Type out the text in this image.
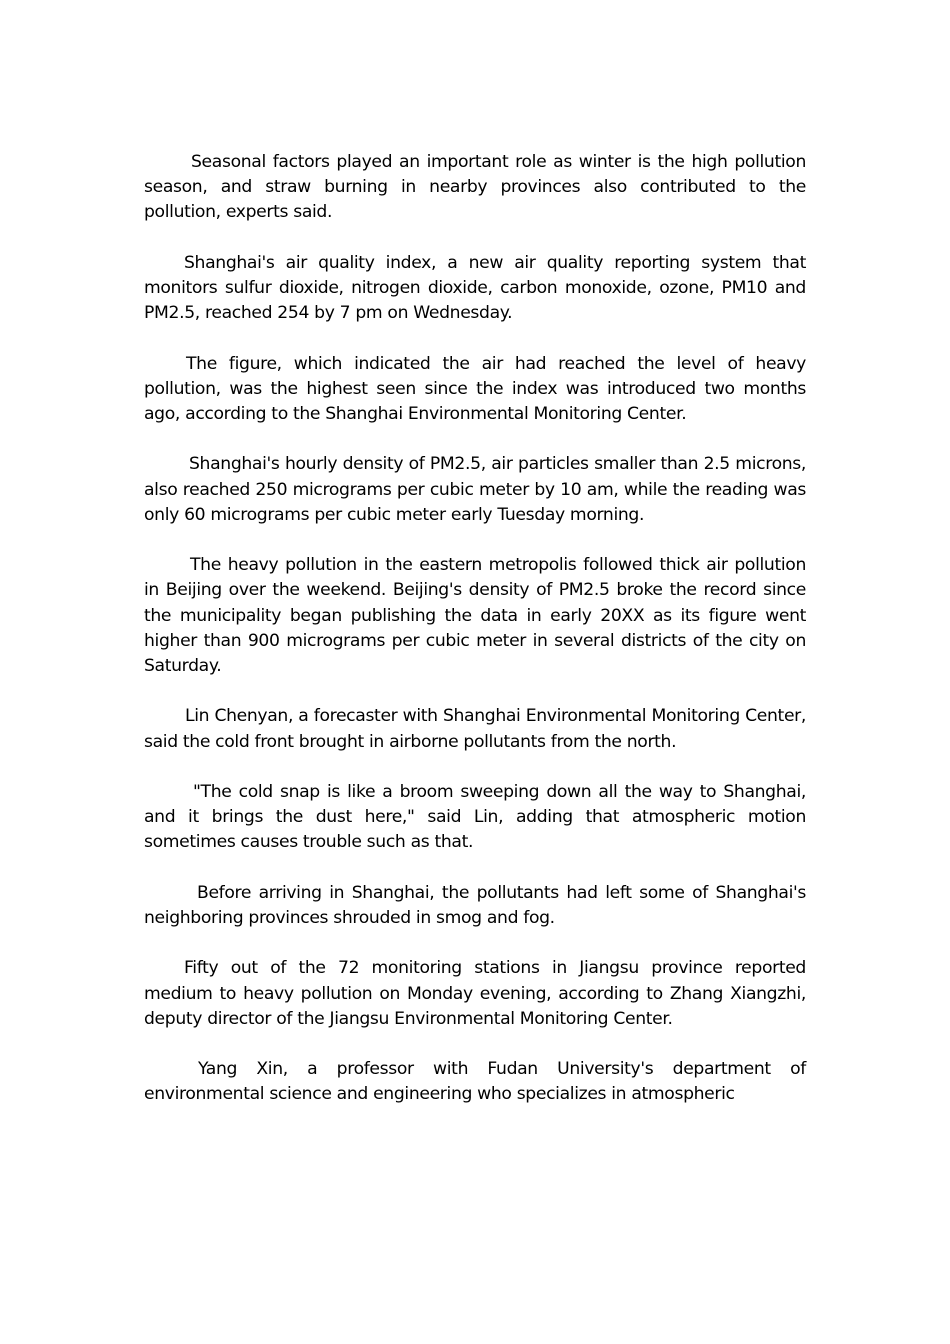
Seasonal factors played an important role as winter is the high pollution season, and straw burning in nearby provinces also contributed to the pollution, experts said.

Shanghai's air quality index, a new air quality reporting system that monitors sulfur dioxide, nitrogen dioxide, carbon monoxide, ozone, PM10 and PM2.5, reached 254 by 7 pm on Wednesday.

The figure, which indicated the air had reached the level of heavy pollution, was the highest seen since the index was introduced two months ago, according to the Shanghai Environmental Monitoring Center.

Shanghai's hourly density of PM2.5, air particles smaller than 2.5 microns, also reached 250 micrograms per cubic meter by 10 am, while the reading was only 60 micrograms per cubic meter early Tuesday morning.

The heavy pollution in the eastern metropolis followed thick air pollution in Beijing over the weekend. Beijing's density of PM2.5 broke the record since the municipality began publishing the data in early 20XX as its figure went higher than 900 micrograms per cubic meter in several districts of the city on Saturday.

Lin Chenyan, a forecaster with Shanghai Environmental Monitoring Center, said the cold front brought in airborne pollutants from the north.

"The cold snap is like a broom sweeping down all the way to Shanghai, and it brings the dust here," said Lin, adding that atmospheric motion sometimes causes trouble such as that.

Before arriving in Shanghai, the pollutants had left some of Shanghai's neighboring provinces shrouded in smog and fog.

Fifty out of the 72 monitoring stations in Jiangsu province reported medium to heavy pollution on Monday evening, according to Zhang Xiangzhi, deputy director of the Jiangsu Environmental Monitoring Center.

Yang Xin, a professor with Fudan University's department of environmental science and engineering who specializes in atmospheric
